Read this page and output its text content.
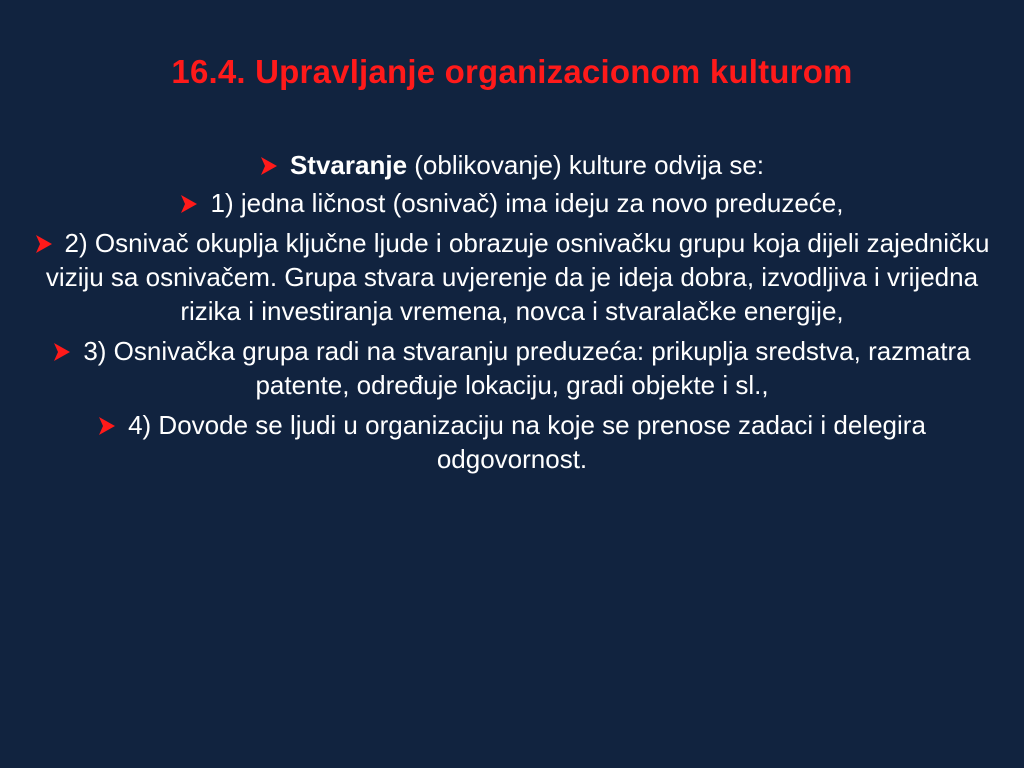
16.4. Upravljanje organizacionom kulturom
Stvaranje (oblikovanje) kulture odvija se:
1) jedna ličnost (osnivač) ima ideju za novo preduzeće,
2) Osnivač okuplja ključne ljude i obrazuje osnivačku grupu koja dijeli zajedničku viziju sa osnivačem. Grupa stvara uvjerenje da je ideja dobra, izvodljiva i vrijedna rizika i investiranja vremena, novca i stvaralačke energije,
3) Osnivačka grupa radi na stvaranju preduzeća: prikuplja sredstva, razmatra patente, određuje lokaciju, gradi objekte i sl.,
4) Dovode se ljudi u organizaciju na koje se prenose zadaci i delegira odgovornost.
